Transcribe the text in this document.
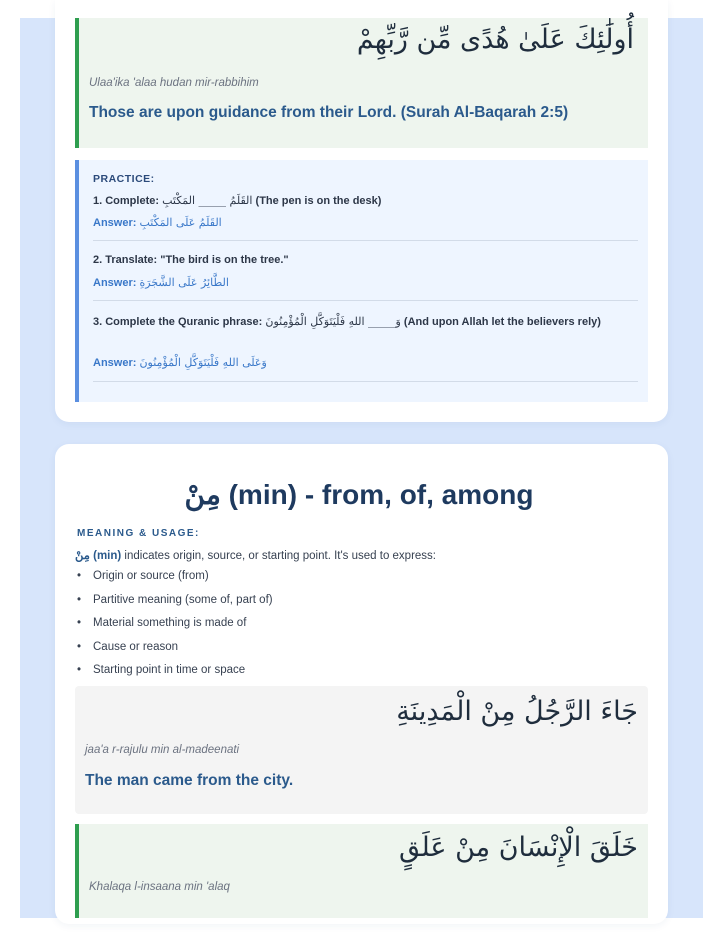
أُولَٰئِكَ عَلَىٰ هُدًى مِّن رَّبِّهِمْ
Ulaa'ika 'alaa hudan mir-rabbihim
Those are upon guidance from their Lord. (Surah Al-Baqarah 2:5)
PRACTICE:
1. Complete: القَلَمُ _____ المَكْتَبِ (The pen is on the desk)
Answer: القَلَمُ عَلَى المَكْتَبِ
2. Translate: "The bird is on the tree."
Answer: الطَّائِرُ عَلَى الشَّجَرَةِ
3. Complete the Quranic phrase: وَ_____ اللهِ فَلْيَتَوَكَّلِ الْمُؤْمِنُونَ (And upon Allah let the believers rely)
Answer: وَعَلَى اللهِ فَلْيَتَوَكَّلِ الْمُؤْمِنُونَ
مِنْ (min) - from, of, among
MEANING & USAGE:
مِنْ (min) indicates origin, source, or starting point. It's used to express:
• Origin or source (from)
• Partitive meaning (some of, part of)
• Material something is made of
• Cause or reason
• Starting point in time or space
جَاءَ الرَّجُلُ مِنْ الْمَدِينَةِ
jaa'a r-rajulu min al-madeenati
The man came from the city.
خَلَقَ الْإِنْسَانَ مِنْ عَلَقٍ
Khalaqa l-insaana min 'alaq
